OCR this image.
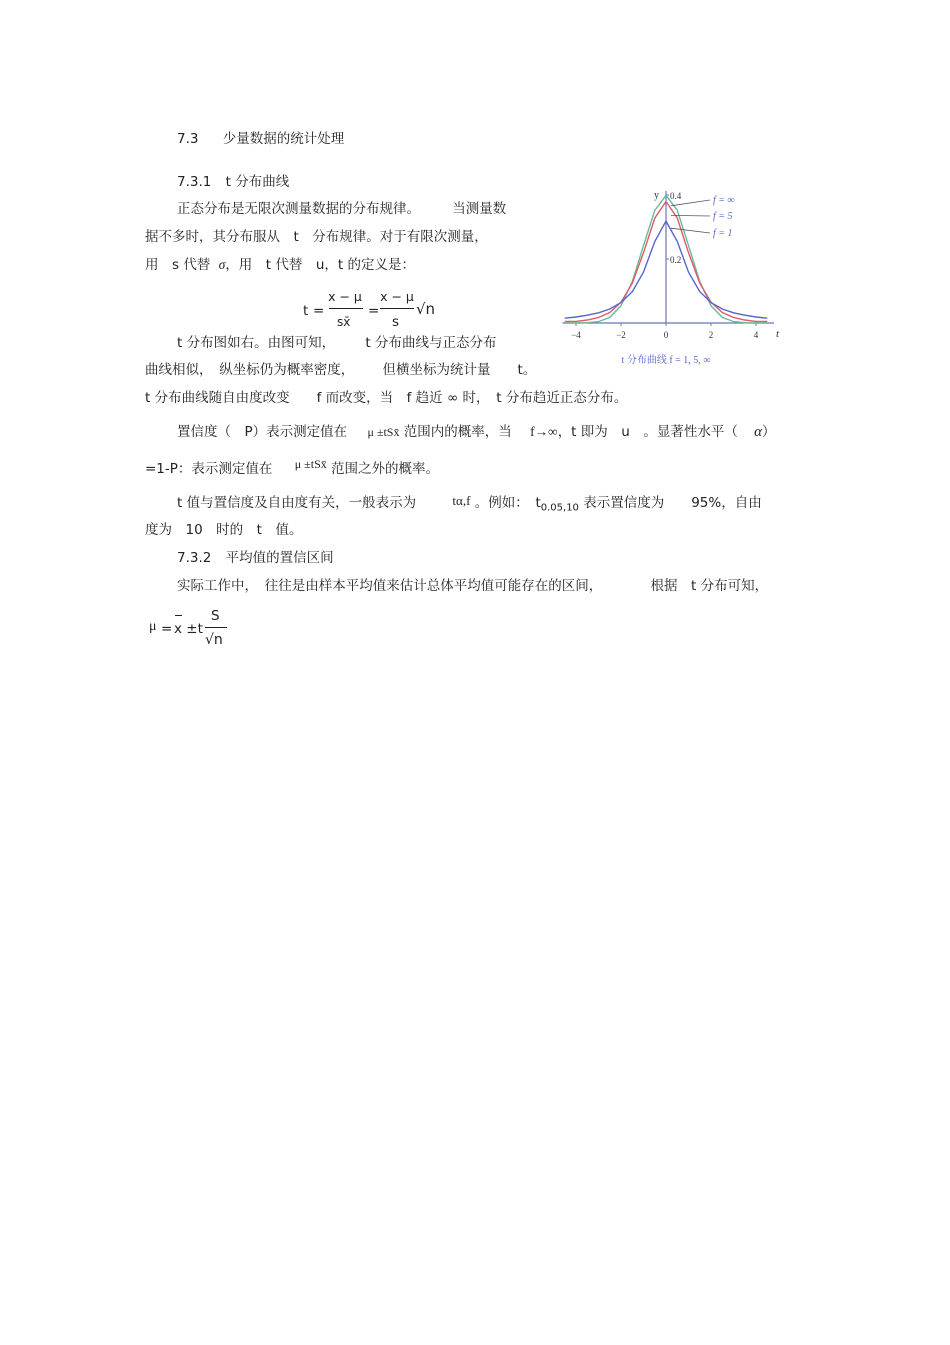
7.3 少量数据的统计处理
7.3.1 t 分布曲线
正态分布是无限次测量数据的分布规律。 当测量数
据不多时，其分布服从　t　分布规律。对于有限次测量，
用　s 代替 σ，用　t 代替　u，t 的定义是：
t =
x − μ
sx̄
=
x − μ
s
√n
t 分布图如右。由图可知， t 分布曲线与正态分布
曲线相似，　纵坐标仍为概率密度， 但横坐标为统计量　　t。
t 分布曲线随自由度改变　　f 而改变，当　f 趋近 ∞ 时，　t 分布趋近正态分布。
置信度（　P）表示测定值在 μ ±tSx̄ 范围内的概率，当 f→∞，t 即为　u　。显著性水平（ α）
=1-P：表示测定值在 μ ±tSx̄ 范围之外的概率。
t 值与置信度及自由度有关，一般表示为	tα,f 。例如：　$t_{0.05,10}$ 表示置信度为　　95%，自由
度为　10　时的　t　值。
7.3.2 平均值的置信区间
实际工作中，　往往是由样本平均值来估计总体平均值可能存在的区间，	根据　t 分布可知，
μ = x ±t
S
√n
y
t
−4	−2	0	2	4
0.2
0.4	f = ∞
f = 5
f = 1
t 分布曲线 f = 1, 5, ∞
